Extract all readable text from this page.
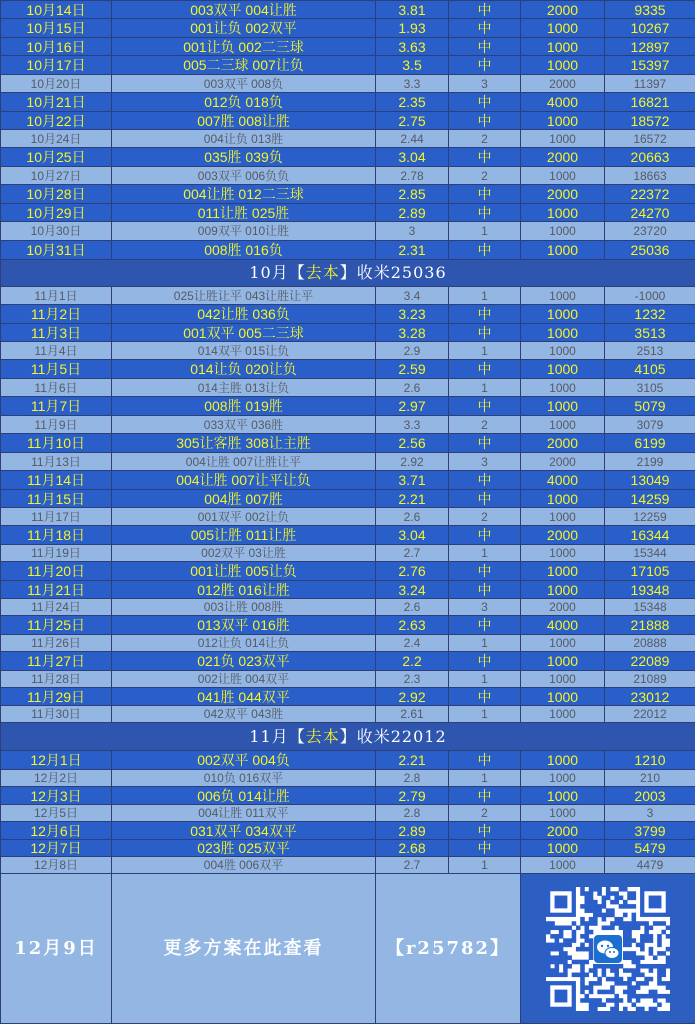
10月14日	003双平 004让胜	3.81	中	2000	9335
10月15日	001让负 002双平	1.93	中	1000	10267
10月16日	001让负 002二三球	3.63	中	1000	12897
10月17日	005二三球 007让负	3.5	中	1000	15397
10月20日	003双平 008负	3.3	3	2000	11397
10月21日	012负 018负	2.35	中	4000	16821
10月22日	007胜 008让胜	2.75	中	1000	18572
10月24日	004让负 013胜	2.44	2	1000	16572
10月25日	035胜 039负	3.04	中	2000	20663
10月27日	003双平 006负负	2.78	2	1000	18663
10月28日	004让胜 012二三球	2.85	中	2000	22372
10月29日	011让胜 025胜	2.89	中	1000	24270
10月30日	009双平 010让胜	3	1	1000	23720
10月31日	008胜 016负	2.31	中	1000	25036
10月【去本】收米25036					
11月1日	025让胜让平 043让胜让平	3.4	1	1000	-1000
11月2日	042让胜 036负	3.23	中	1000	1232
11月3日	001双平 005二三球	3.28	中	1000	3513
11月4日	014双平 015让负	2.9	1	1000	2513
11月5日	014让负 020让负	2.59	中	1000	4105
11月6日	014主胜 013让负	2.6	1	1000	3105
11月7日	008胜 019胜	2.97	中	1000	5079
11月9日	033双平 036胜	3.3	2	1000	3079
11月10日	305让客胜 308让主胜	2.56	中	2000	6199
11月13日	004让胜 007让胜让平	2.92	3	2000	2199
11月14日	004让胜 007让平让负	3.71	中	4000	13049
11月15日	004胜 007胜	2.21	中	1000	14259
11月17日	001双平 002让负	2.6	2	1000	12259
11月18日	005让胜 011让胜	3.04	中	2000	16344
11月19日	002双平 03让胜	2.7	1	1000	15344
11月20日	001让胜 005让负	2.76	中	1000	17105
11月21日	012胜 016让胜	3.24	中	1000	19348
11月24日	003让胜 008胜	2.6	3	2000	15348
11月25日	013双平 016胜	2.63	中	4000	21888
11月26日	012让负 014让负	2.4	1	1000	20888
11月27日	021负 023双平	2.2	中	1000	22089
11月28日	002让胜 004双平	2.3	1	1000	21089
11月29日	041胜 044双平	2.92	中	1000	23012
11月30日	042双平 043胜	2.61	1	1000	22012
11月【去本】收米22012					
12月1日	002双平 004负	2.21	中	1000	1210
12月2日	010负 016双平	2.8	1	1000	210
12月3日	006负 014让胜	2.79	中	1000	2003
12月5日	004让胜 011双平	2.8	2	1000	3
12月6日	031双平 034双平	2.89	中	2000	3799
12月7日	023胜 025双平	2.68	中	1000	5479
12月8日	004胜 006双平	2.7	1	1000	4479
12月9日	更多方案在此查看	【r25782】	
